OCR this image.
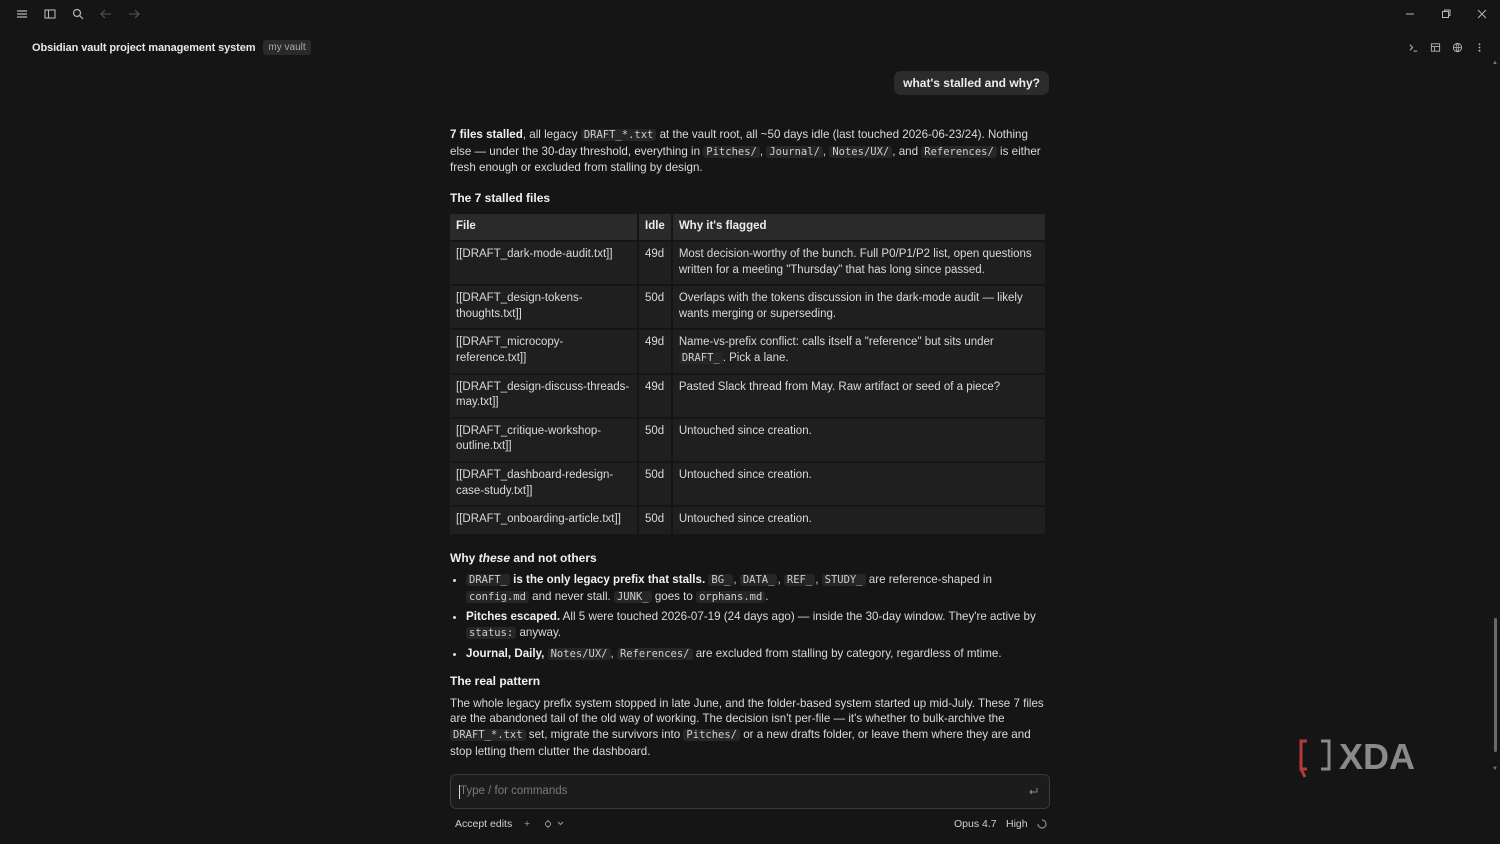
Obsidian vault project management system	my vault
what's stalled and why?

7 files stalled, all legacy DRAFT_*.txt at the vault root, all ~50 days idle (last touched 2026-06-23/24). Nothing else — under the 30-day threshold, everything in Pitches/ , Journal/ , Notes/UX/ , and References/ is either fresh enough or excluded from stalling by design.

The 7 stalled files
File	Idle	Why it's flagged
[[DRAFT_dark-mode-audit.txt]]	49d	Most decision-worthy of the bunch. Full P0/P1/P2 list, open questions written for a meeting "Thursday" that has long since passed.
[[DRAFT_design-tokens-thoughts.txt]]	50d	Overlaps with the tokens discussion in the dark-mode audit — likely wants merging or superseding.
[[DRAFT_microcopy-reference.txt]]	49d	Name-vs-prefix conflict: calls itself a "reference" but sits under DRAFT_ . Pick a lane.
[[DRAFT_design-discuss-threads-may.txt]]	49d	Pasted Slack thread from May. Raw artifact or seed of a piece?
[[DRAFT_critique-workshop-outline.txt]]	50d	Untouched since creation.
[[DRAFT_dashboard-redesign-case-study.txt]]	50d	Untouched since creation.
[[DRAFT_onboarding-article.txt]]	50d	Untouched since creation.
Why these and not others
• DRAFT_ is the only legacy prefix that stalls. BG_ , DATA_ , REF_ , STUDY_ are reference-shaped in config.md and never stall. JUNK_ goes to orphans.md .
• Pitches escaped. All 5 were touched 2026-07-19 (24 days ago) — inside the 30-day window. They're active by status: anyway.
• Journal, Daily, Notes/UX/ , References/ are excluded from stalling by category, regardless of mtime.
The real pattern

The whole legacy prefix system stopped in late June, and the folder-based system started up mid-July. These 7 files are the abandoned tail of the old way of working. The decision isn't per-file — it's whether to bulk-archive the DRAFT_*.txt set, migrate the survivors into Pitches/ or a new drafts folder, or leave them where they are and stop letting them clutter the dashboard.

Type / for commands
Accept edits +	Opus 4.7 High
▲
▼
XDA
